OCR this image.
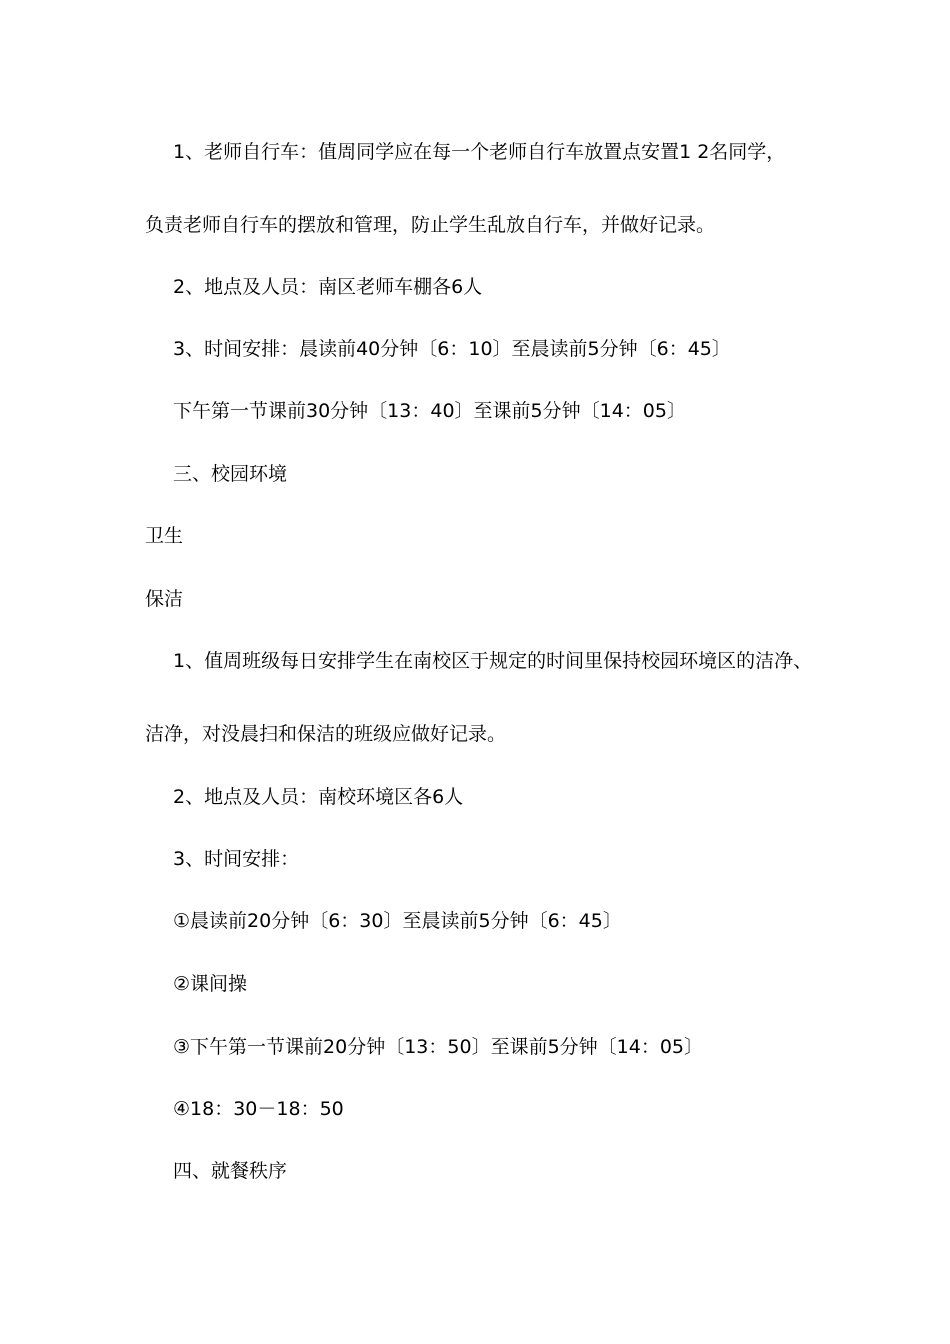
1、老师自行车：值周同学应在每一个老师自行车放置点安置1 2名同学，
负责老师自行车的摆放和管理，防止学生乱放自行车，并做好记录。
2、地点及人员：南区老师车棚各6人
3、时间安排：晨读前40分钟〔6：10〕至晨读前5分钟〔6：45〕
下午第一节课前30分钟〔13：40〕至课前5分钟〔14：05〕
三、校园环境
卫生
保洁
1、值周班级每日安排学生在南校区于规定的时间里保持校园环境区的洁净、
洁净，对没晨扫和保洁的班级应做好记录。
2、地点及人员：南校环境区各6人
3、时间安排：
①晨读前20分钟〔6：30〕至晨读前5分钟〔6：45〕
②课间操
③下午第一节课前20分钟〔13：50〕至课前5分钟〔14：05〕
④18：30－18：50
四、就餐秩序
